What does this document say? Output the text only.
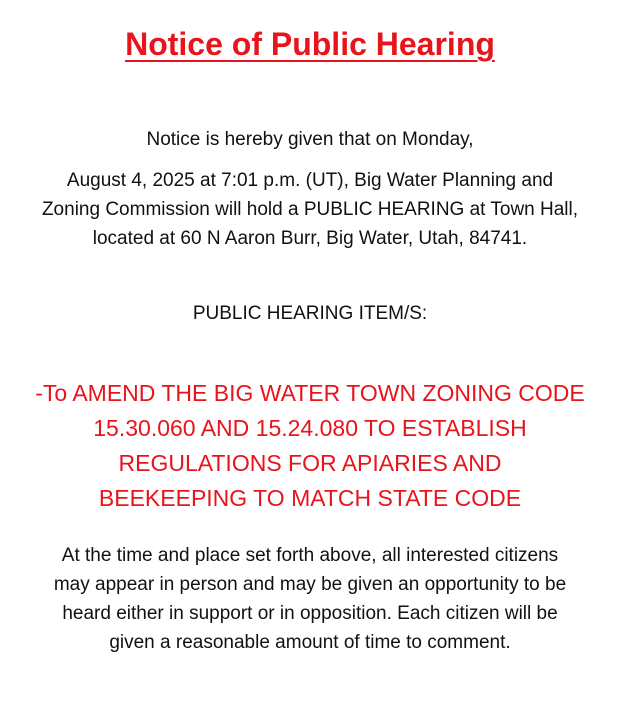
Notice of Public Hearing

Notice is hereby given that on Monday,

August 4, 2025 at 7:01 p.m. (UT), Big Water Planning and
Zoning Commission will hold a PUBLIC HEARING at Town Hall,
located at 60 N Aaron Burr, Big Water, Utah, 84741.

PUBLIC HEARING ITEM/S:

-To AMEND THE BIG WATER TOWN ZONING CODE
15.30.060 AND 15.24.080 TO ESTABLISH
REGULATIONS FOR APIARIES AND
BEEKEEPING TO MATCH STATE CODE

At the time and place set forth above, all interested citizens
may appear in person and may be given an opportunity to be
heard either in support or in opposition. Each citizen will be
given a reasonable amount of time to comment.
